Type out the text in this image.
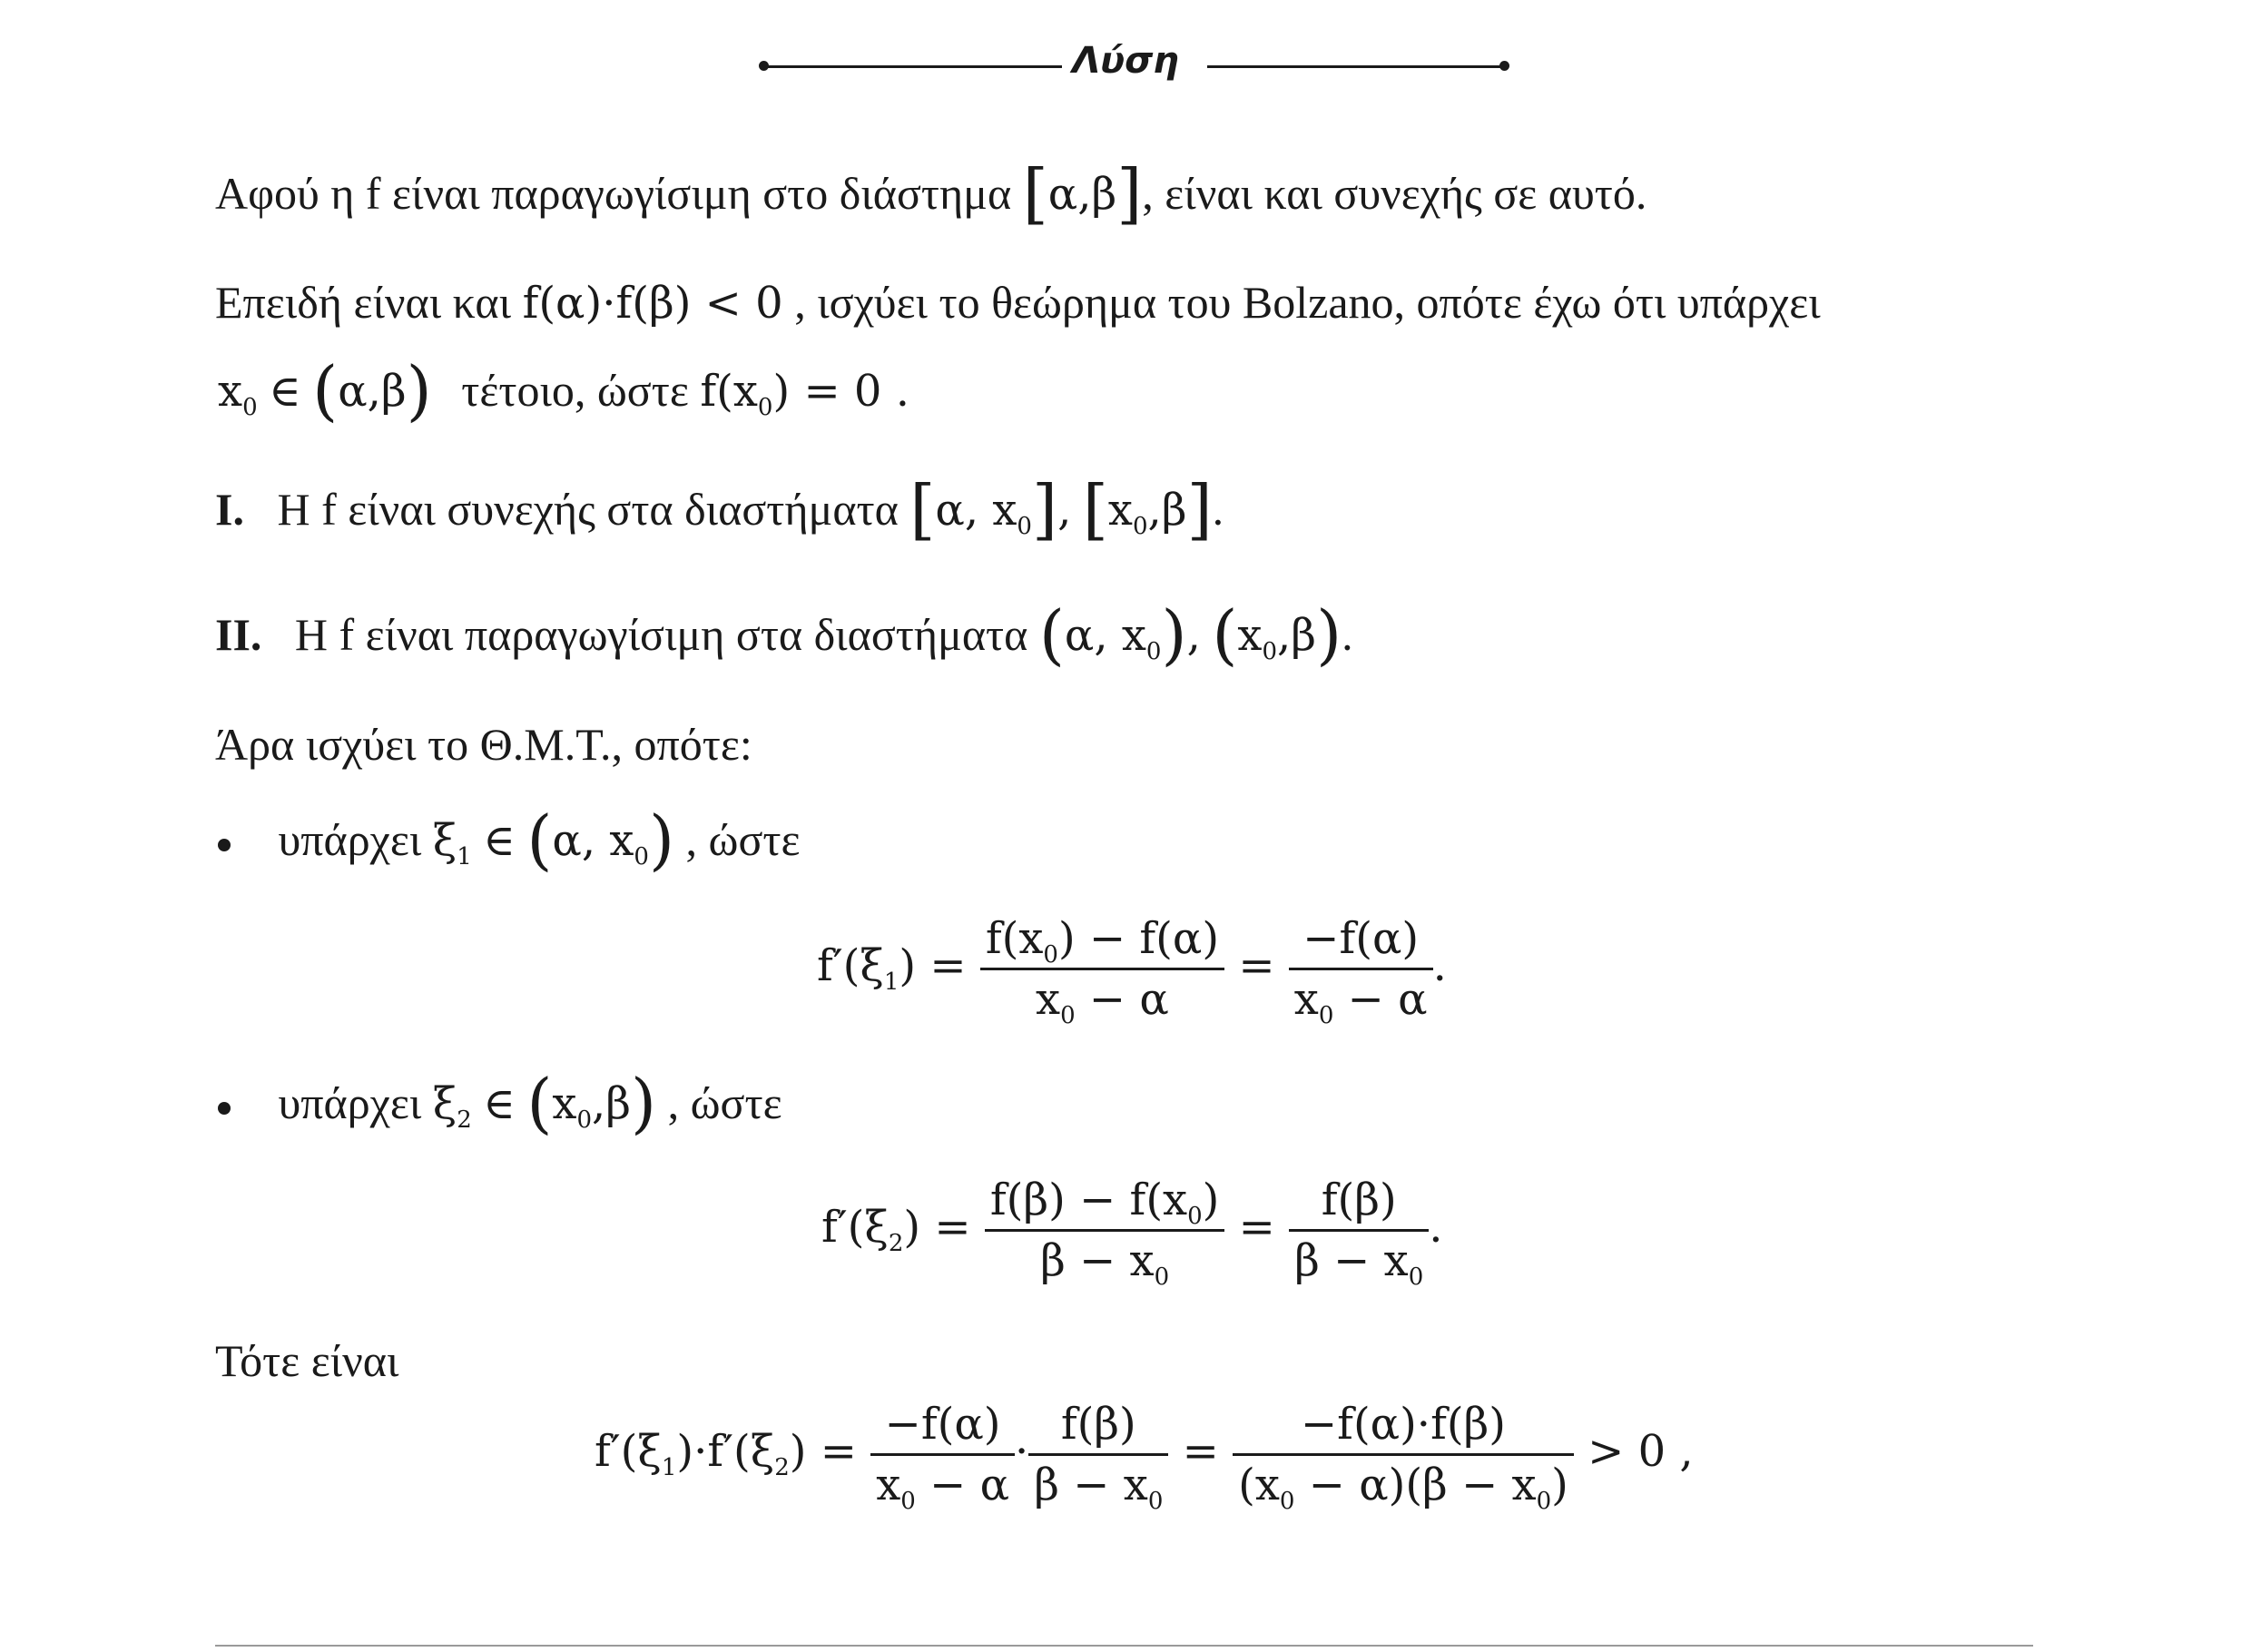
Λύση
Αφού η f είναι παραγωγίσιμη στο διάστημα [α,β], είναι και συνεχής σε αυτό.
Επειδή είναι και f(α)·f(β) < 0 , ισχύει το θεώρημα του Bolzano, οπότε έχω ότι υπάρχει
$x_0$ ∈ (α,β) τέτοιο, ώστε $f(x_0) = 0$ .
I. Η f είναι συνεχής στα διαστήματα [α, $x_0$], $[x_0,\beta]$.
II. Η f είναι παραγωγίσιμη στα διαστήματα (α, $x_0$), $(x_0,\beta)$.
Άρα ισχύει το Θ.Μ.Τ., οπότε:
υπάρχει $\xi_1$ ∈ (α, $x_0$) , ώστε
$f'(\xi_1) = \frac{f(x_0) - f(\alpha)}{x_0 - \alpha} = \frac{-f(\alpha)}{x_0 - \alpha}$ .
υπάρχει $\xi_2$ ∈ $(x_0,\beta)$ , ώστε
$f'(\xi_2) = \frac{f(\beta) - f(x_0)}{\beta - x_0} = \frac{f(\beta)}{\beta - x_0}$ .
Τότε είναι
$f'(\xi_1)\cdot f'(\xi_2) = \frac{-f(\alpha)}{x_0 - \alpha} \cdot \frac{f(\beta)}{\beta - x_0} = \frac{-f(\alpha)\cdot f(\beta)}{(x_0 - \alpha)(\beta - x_0)} > 0$ ,
